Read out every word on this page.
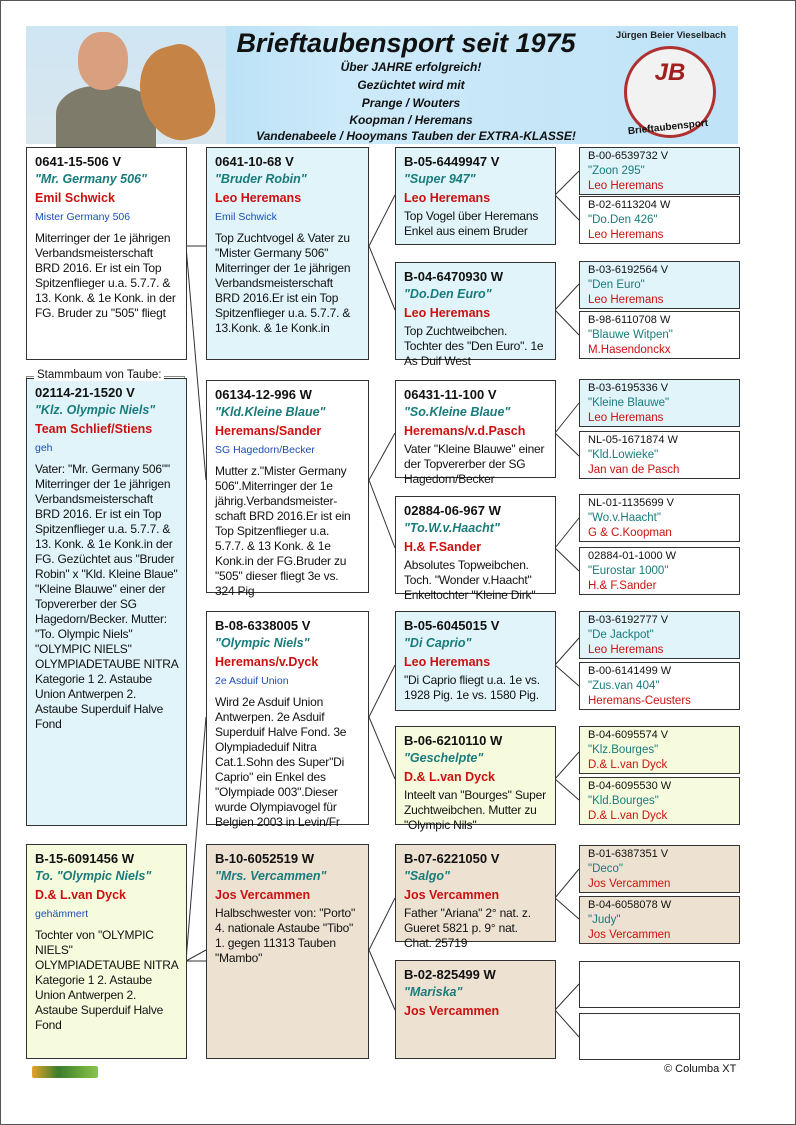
Brieftaubensport seit 1975
Über JAHRE erfolgreich!
Gezüchtet wird mit
Prange / Wouters
Koopman / Heremans
Vandenabeele / Hooymans Tauben der EXTRA-KLASSE!
Jürgen Beier Vieselbach
JB
Brieftaubensport
0641-15-506 V
"Mr. Germany 506"
Emil Schwick
Mister Germany 506
Miterringer der 1e jährigen Verbandsmeisterschaft BRD 2016. Er ist ein Top Spitzenflieger u.a. 5.7.7. & 13. Konk. & 1e Konk. in der FG. Bruder zu "505" fliegt
Stammbaum von Taube:
02114-21-1520 V
"Klz. Olympic Niels"
Team Schlief/Stiens
geh
Vater: "Mr. Germany 506"" Miterringer der 1e jährigen Verbandsmeisterschaft BRD 2016. Er ist ein Top Spitzenflieger u.a. 5.7.7. & 13. Konk. & 1e Konk.in der FG. Gezüchtet aus "Bruder Robin" x "Kld. Kleine Blaue" "Kleine Blauwe" einer der Topvererber der SG Hagedorn/Becker. Mutter: "To. Olympic Niels" "OLYMPIC NIELS" OLYMPIADETAUBE NITRA Kategorie 1 2. Astaube Union Antwerpen 2. Astaube Superduif Halve Fond
B-15-6091456 W
To. "Olympic Niels"
D.& L.van Dyck
gehämmert
Tochter von "OLYMPIC NIELS" OLYMPIADETAUBE NITRA Kategorie 1 2. Astaube Union Antwerpen 2. Astaube Superduif Halve Fond
0641-10-68 V
"Bruder Robin"
Leo Heremans
Emil Schwick
Top Zuchtvogel & Vater zu "Mister Germany 506" Miterringer der 1e jährigen Verbandsmeisterschaft BRD 2016.Er ist ein Top Spitzenflieger u.a. 5.7.7. & 13.Konk. & 1e Konk.in
06134-12-996 W
"Kld.Kleine Blaue"
Heremans/Sander
SG Hagedorn/Becker
Mutter z."Mister Germany 506".Miterringer der 1e jährig.Verbandsmeister-schaft BRD 2016.Er ist ein Top Spitzenflieger u.a. 5.7.7. & 13 Konk. & 1e Konk.in der FG.Bruder zu "505" dieser fliegt 3e vs. 324 Pig
B-08-6338005 V
"Olympic Niels"
Heremans/v.Dyck
2e Asduif Union
Wird 2e Asduif Union Antwerpen. 2e Asduif Superduif Halve Fond. 3e Olympiadeduif Nitra Cat.1.Sohn des Super"Di Caprio" ein Enkel des "Olympiade 003".Dieser wurde Olympiavogel für Belgien 2003 in Levin/Fr
B-10-6052519 W
"Mrs. Vercammen"
Jos Vercammen
Halbschwester von: "Porto" 4. nationale Astaube "Tibo" 1. gegen 11313 Tauben "Mambo"
B-05-6449947 V
"Super 947"
Leo Heremans
Top Vogel über Heremans Enkel aus einem Bruder
B-04-6470930 W
"Do.Den Euro"
Leo Heremans
Top Zuchtweibchen. Tochter des "Den Euro". 1e As Duif West
06431-11-100 V
"So.Kleine Blaue"
Heremans/v.d.Pasch
Vater "Kleine Blauwe" einer der Topvererber der SG Hagedorn/Becker
02884-06-967 W
"To.W.v.Haacht"
H.& F.Sander
Absolutes Topweibchen. Toch. "Wonder v.Haacht" Enkeltochter "Kleine Dirk"
B-05-6045015 V
"Di Caprio"
Leo Heremans
"Di Caprio fliegt u.a. 1e vs. 1928 Pig. 1e vs. 1580 Pig.
B-06-6210110 W
"Geschelpte"
D.& L.van Dyck
Inteelt van "Bourges" Super Zuchtweibchen. Mutter zu "Olympic Nils"
B-07-6221050 V
"Salgo"
Jos Vercammen
Father "Ariana" 2° nat. z. Gueret 5821 p. 9° nat. Chat. 25719
B-02-825499 W
"Mariska"
Jos Vercammen
B-00-6539732 V
"Zoon 295"
Leo Heremans
B-02-6113204 W
"Do.Den 426"
Leo Heremans
B-03-6192564 V
"Den Euro"
Leo Heremans
B-98-6110708 W
"Blauwe Witpen"
M.Hasendonckx
B-03-6195336 V
"Kleine Blauwe"
Leo Heremans
NL-05-1671874 W
"Kld.Lowieke"
Jan van de Pasch
NL-01-1135699 V
"Wo.v.Haacht"
G & C.Koopman
02884-01-1000 W
"Eurostar 1000"
H.& F.Sander
B-03-6192777 V
"De Jackpot"
Leo Heremans
B-00-6141499 W
"Zus.van 404"
Heremans-Ceusters
B-04-6095574 V
"Klz.Bourges"
D.& L.van Dyck
B-04-6095530 W
"Kld.Bourges"
D.& L.van Dyck
B-01-6387351 V
"Deco"
Jos Vercammen
B-04-6058078 W
"Judy"
Jos Vercammen
© Columba XT
